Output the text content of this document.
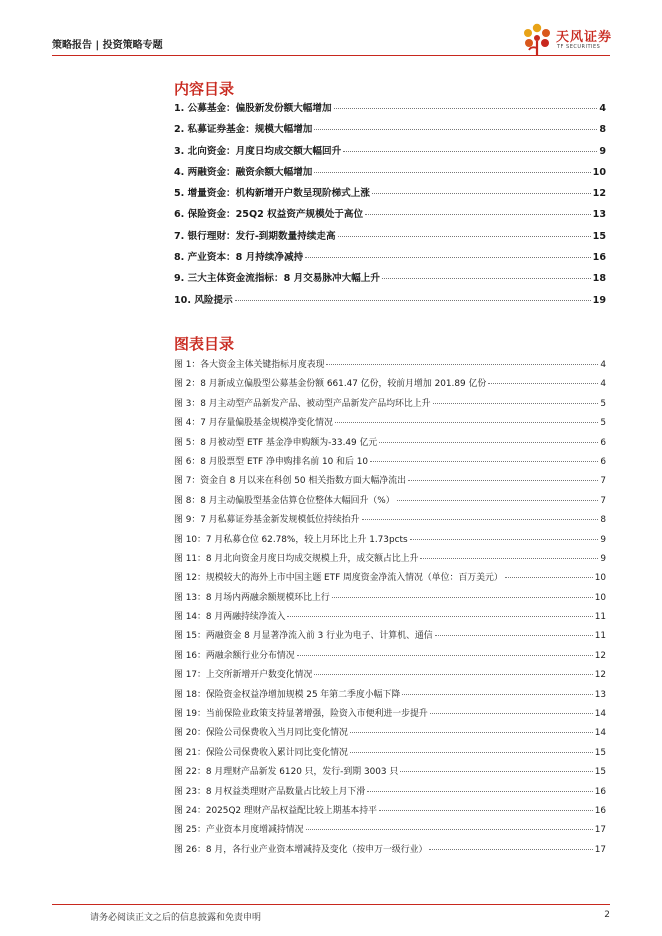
策略报告 | 投资策略专题
天风证券
TF SECURITIES
内容目录
1. 公募基金：偏股新发份额大幅增加	4
2. 私募证券基金：规模大幅增加	8
3. 北向资金：月度日均成交额大幅回升	9
4. 两融资金：融资余额大幅增加	10
5. 增量资金：机构新增开户数呈现阶梯式上涨	12
6. 保险资金：25Q2 权益资产规模处于高位	13
7. 银行理财：发行-到期数量持续走高	15
8. 产业资本：8 月持续净减持	16
9. 三大主体资金流指标：8 月交易脉冲大幅上升	18
10. 风险提示	19
图表目录
图 1：各大资金主体关键指标月度表现	4
图 2：8 月新成立偏股型公募基金份额 661.47 亿份，较前月增加 201.89 亿份	4
图 3：8 月主动型产品新发产品、被动型产品新发产品均环比上升	5
图 4：7 月存量偏股基金规模净变化情况	5
图 5：8 月被动型 ETF 基金净申购额为-33.49 亿元	6
图 6：8 月股票型 ETF 净申购排名前 10 和后 10	6
图 7：资金自 8 月以来在科创 50 相关指数方面大幅净流出	7
图 8：8 月主动偏股型基金估算仓位整体大幅回升（%）	7
图 9：7 月私募证券基金新发规模低位持续抬升	8
图 10：7 月私募仓位 62.78%，较上月环比上升 1.73pcts	9
图 11：8 月北向资金月度日均成交规模上升，成交额占比上升	9
图 12：规模较大的海外上市中国主题 ETF 周度资金净流入情况（单位：百万美元）	10
图 13：8 月场内两融余额规模环比上行	10
图 14：8 月两融持续净流入	11
图 15：两融资金 8 月显著净流入前 3 行业为电子、计算机、通信	11
图 16：两融余额行业分布情况	12
图 17：上交所新增开户数变化情况	12
图 18：保险资金权益净增加规模 25 年第二季度小幅下降	13
图 19：当前保险业政策支持显著增强，险资入市便利进一步提升	14
图 20：保险公司保费收入当月同比变化情况	14
图 21：保险公司保费收入累计同比变化情况	15
图 22：8 月理财产品新发 6120 只，发行-到期 3003 只	15
图 23：8 月权益类理财产品数量占比较上月下滑	16
图 24：2025Q2 理财产品权益配比较上期基本持平	16
图 25：产业资本月度增减持情况	17
图 26：8 月，各行业产业资本增减持及变化（按申万一级行业）	17
请务必阅读正文之后的信息披露和免责申明	2
